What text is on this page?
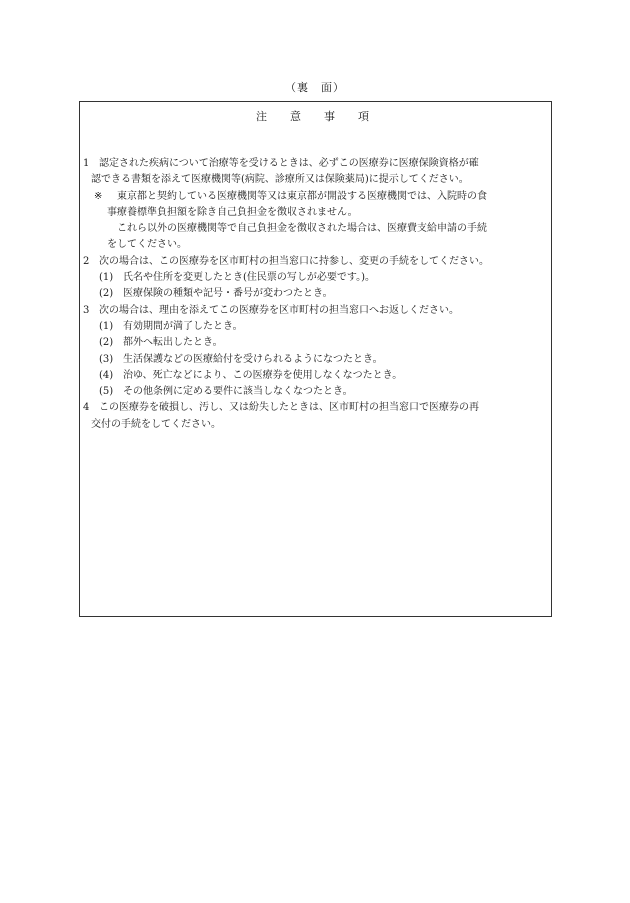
（裏　面）
注　意　事　項
1 認定された疾病について治療等を受けるときは、必ずこの医療券に医療保険資格が確
認できる書類を添えて医療機関等(病院、診療所又は保険薬局)に提示してください。
※ 東京都と契約している医療機関等又は東京都が開設する医療機関では、入院時の食
事療養標準負担額を除き自己負担金を徴収されません。
これら以外の医療機関等で自己負担金を徴収された場合は、医療費支給申請の手続
をしてください。
2 次の場合は、この医療券を区市町村の担当窓口に持参し、変更の手続をしてください。
(1) 氏名や住所を変更したとき(住民票の写しが必要です。)。
(2) 医療保険の種類や記号・番号が変わつたとき。
3 次の場合は、理由を添えてこの医療券を区市町村の担当窓口へお返しください。
(1) 有効期間が満了したとき。
(2) 都外へ転出したとき。
(3) 生活保護などの医療給付を受けられるようになつたとき。
(4) 治ゆ、死亡などにより、この医療券を使用しなくなつたとき。
(5) その他条例に定める要件に該当しなくなつたとき。
4 この医療券を破損し、汚し、又は紛失したときは、区市町村の担当窓口で医療券の再
交付の手続をしてください。
